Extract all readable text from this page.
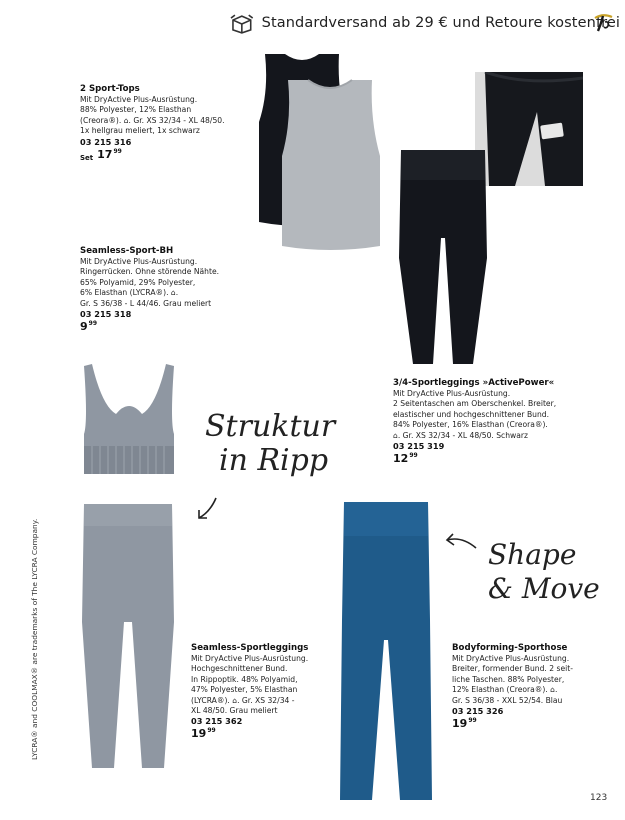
Standardversand ab 29 € und Retoure kostenfrei
2 Sport-Tops
Mit DryActive Plus-Ausrüstung.
88% Polyester, 12% Elasthan
(Creora®). ⌂. Gr. XS 32/34 - XL 48/50.
1x hellgrau meliert, 1x schwarz
03 215 316
Set $17^{99}$
Seamless-Sport-BH
Mit DryActive Plus-Ausrüstung.
Ringerrücken. Ohne störende Nähte.
65% Polyamid, 29% Polyester,
6% Elasthan (LYCRA®). ⌂.
Gr. S 36/38 - L 44/46. Grau meliert
03 215 318
$9^{99}$
Struktur
in Ripp
3/4-Sportleggings »ActivePower«
Mit DryActive Plus-Ausrüstung.
2 Seitentaschen am Oberschenkel. Breiter,
elastischer und hochgeschnittener Bund.
84% Polyester, 16% Elasthan (Creora®).
⌂. Gr. XS 32/34 - XL 48/50. Schwarz
03 215 319
$12^{99}$
Seamless-Sportleggings
Mit DryActive Plus-Ausrüstung.
Hochgeschnittener Bund.
In Rippoptik. 48% Polyamid,
47% Polyester, 5% Elasthan
(LYCRA®). ⌂. Gr. XS 32/34 -
XL 48/50. Grau meliert
03 215 362
$19^{99}$
Shape
& Move
Bodyforming-Sporthose
Mit DryActive Plus-Ausrüstung.
Breiter, formender Bund. 2 seit-
liche Taschen. 88% Polyester,
12% Elasthan (Creora®). ⌂.
Gr. S 36/38 - XXL 52/54. Blau
03 215 326
$19^{99}$
LYCRA® and COOLMAX® are trademarks of The LYCRA Company.
123
